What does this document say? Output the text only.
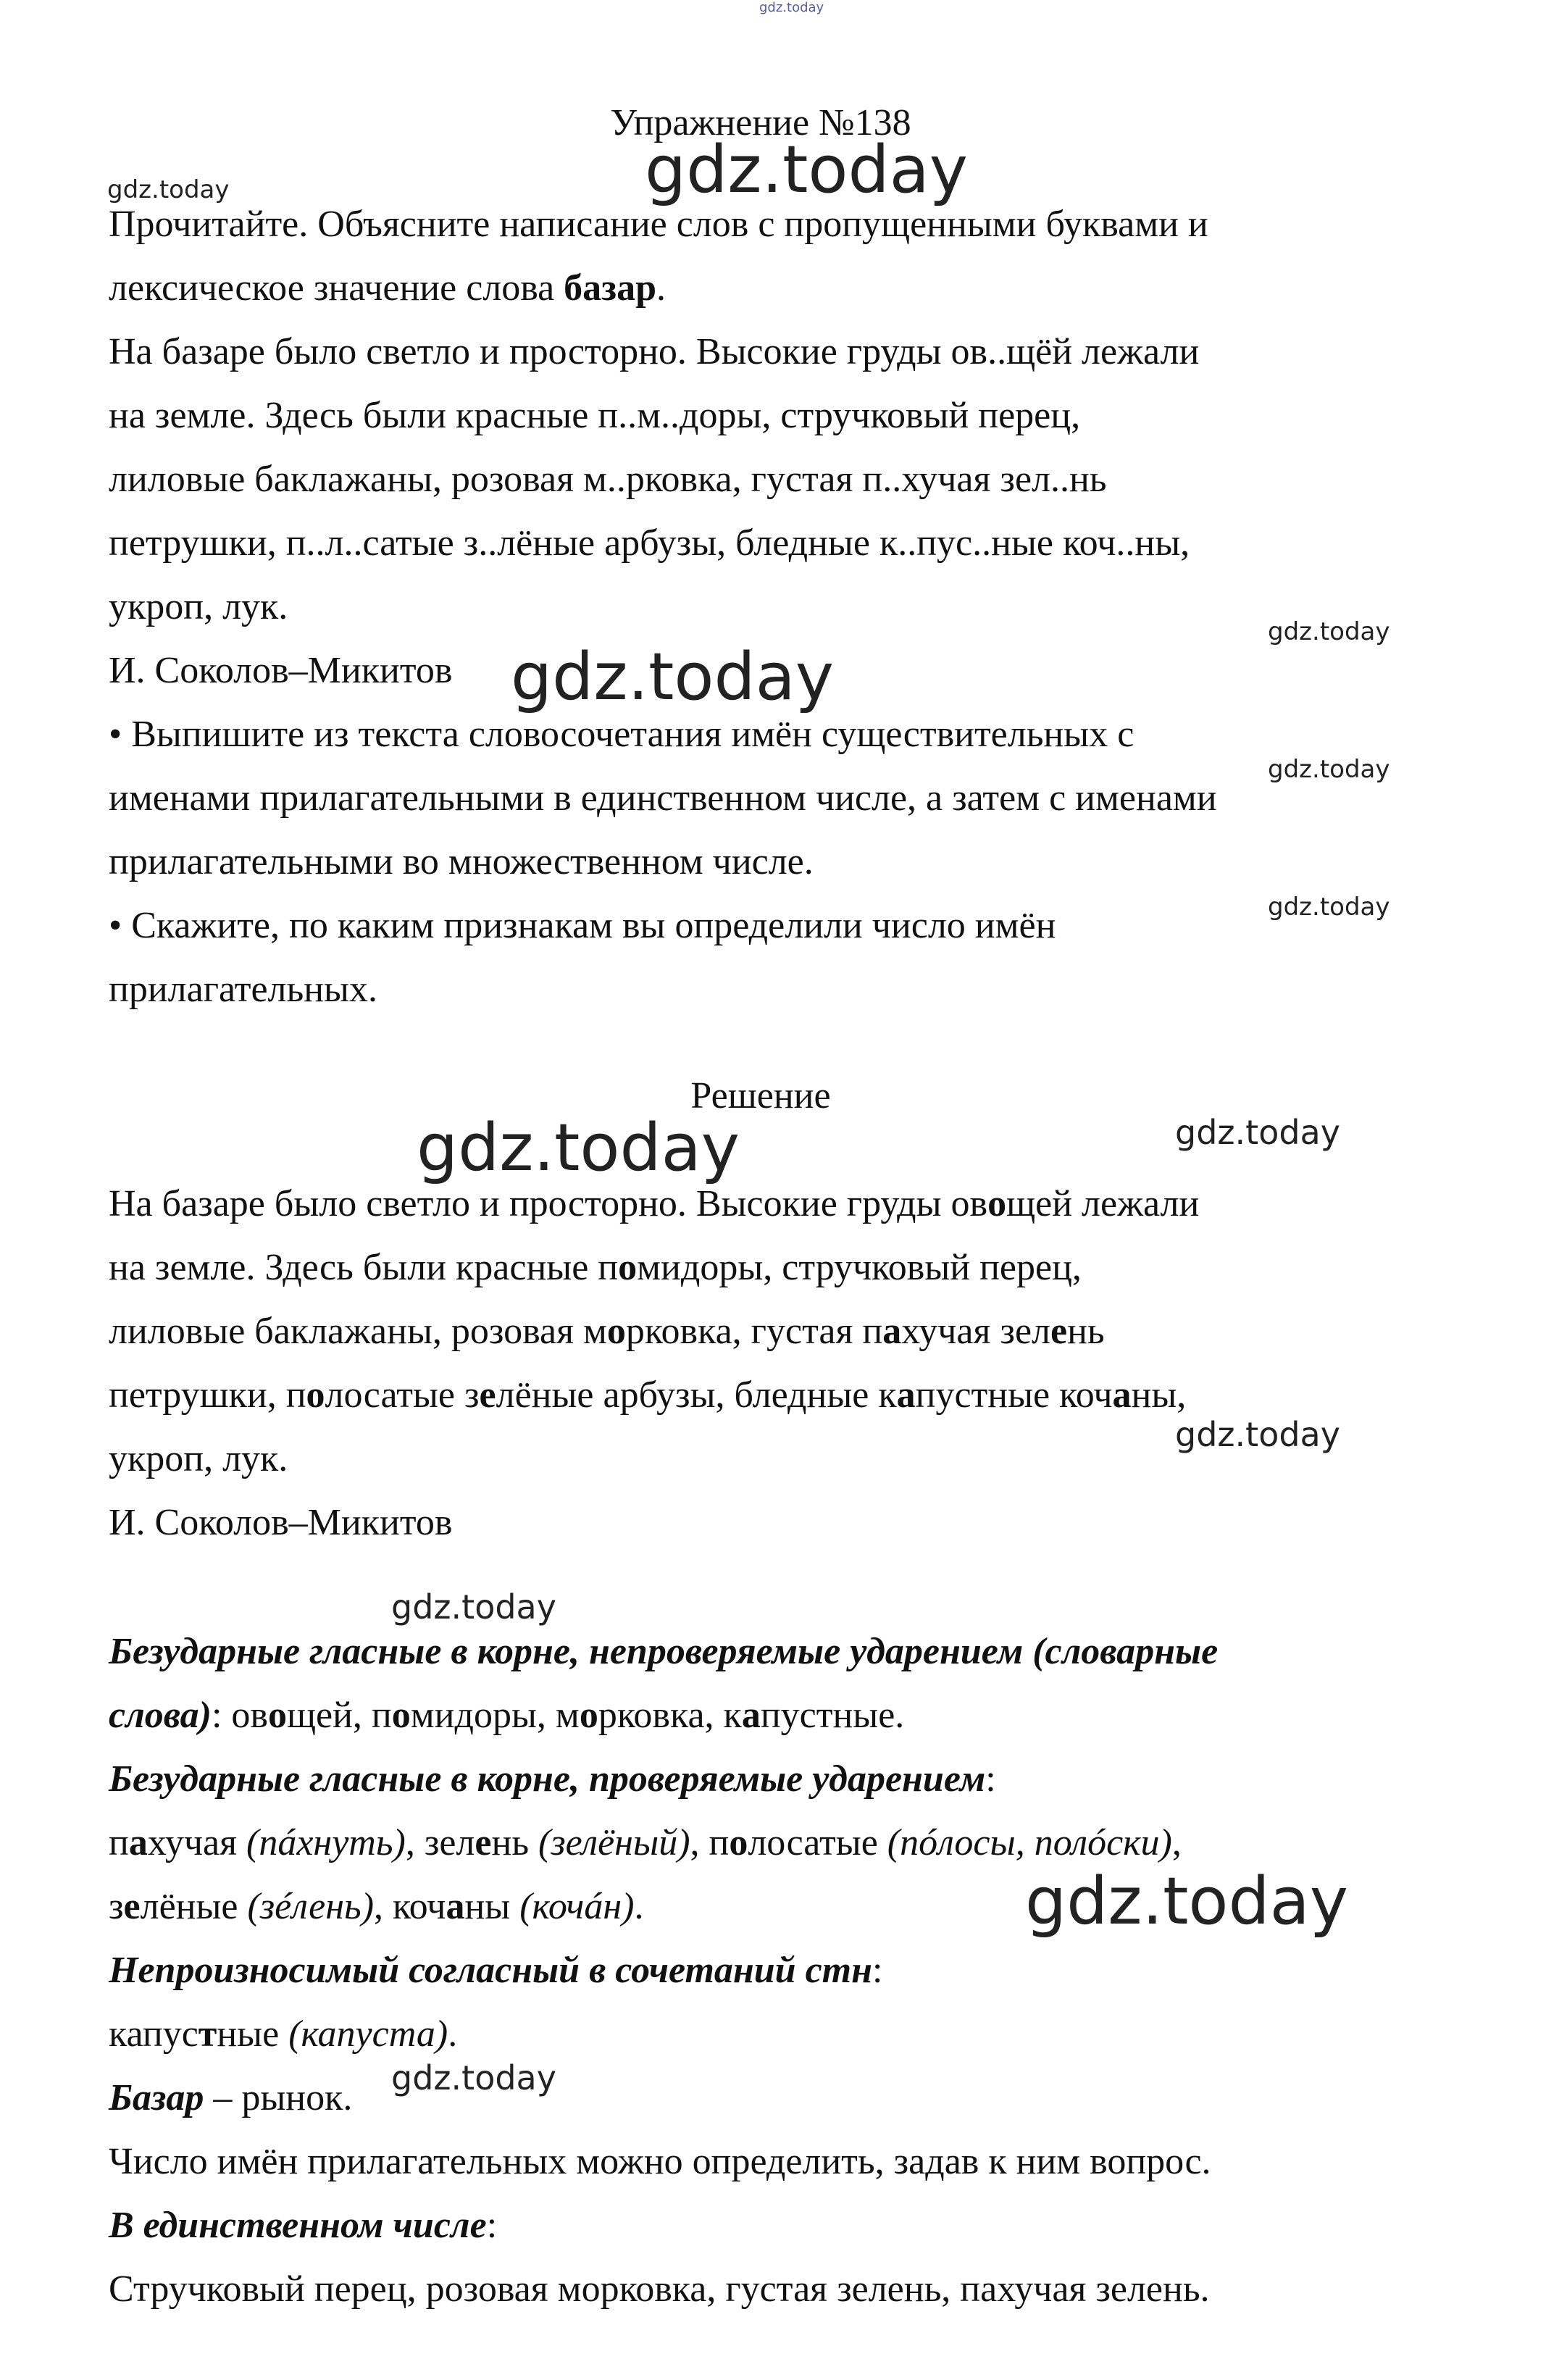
gdz.today
gdz.today	gdz.today
gdz.today
gdz.today
gdz.today
gdz.today
gdz.today
gdz.today
gdz.today
gdz.today
gdz.today
gdz.today
Упражнение №138
Прочитайте. Объясните написание слов с пропущенными буквами и
лексическое значение слова базар.
На базаре было светло и просторно. Высокие груды ов..щёй лежали
на земле. Здесь были красные п..м..доры, стручковый перец,
лиловые баклажаны, розовая м..рковка, густая п..хучая зел..нь
петрушки, п..л..сатые з..лёные арбузы, бледные к..пус..ные коч..ны,
укроп, лук.
И. Соколов–Микитов
• Выпишите из текста словосочетания имён существительных с
именами прилагательными в единственном числе, а затем с именами
прилагательными во множественном числе.
• Скажите, по каким признакам вы определили число имён
прилагательных.
Решение
На базаре было светло и просторно. Высокие груды овощей лежали
на земле. Здесь были красные помидоры, стручковый перец,
лиловые баклажаны, розовая морковка, густая пахучая зелень
петрушки, полосатые зелёные арбузы, бледные капустные кочаны,
укроп, лук.
И. Соколов–Микитов
Безударные гласные в корне, непроверяемые ударением (словарные
слова): овощей, помидоры, морковка, капустные.
Безударные гласные в корне, проверяемые ударением:
пахучая (пáхнуть), зелень (зелёный), полосатые (пóлосы, полóски),
зелёные (зéлень), кочаны (кочáн).
Непроизносимый согласный в сочетаний стн:
капустные (капуста).
Базар – рынок.
Число имён прилагательных можно определить, задав к ним вопрос.
В единственном числе:
Стручковый перец, розовая морковка, густая зелень, пахучая зелень.
